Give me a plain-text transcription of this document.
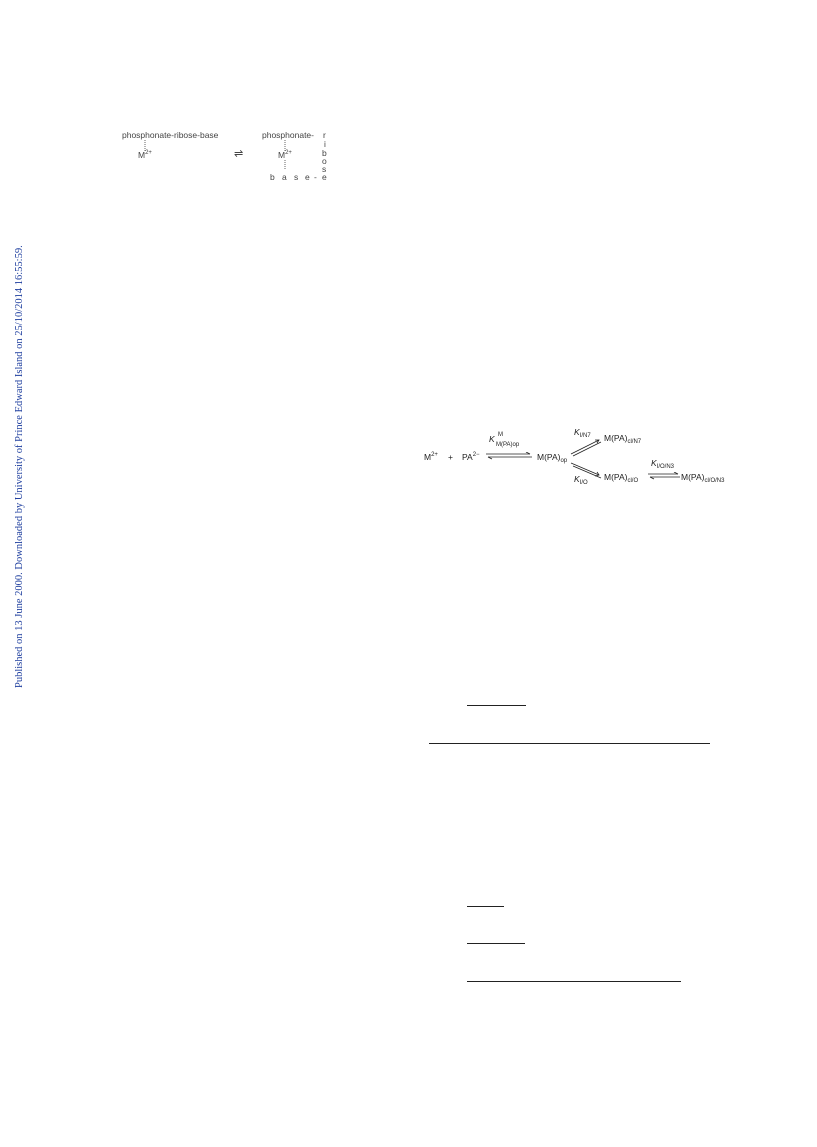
Published on 13 June 2000. Downloaded by University of Prince Edward Island on 25/10/2014 16:55:59.
phosphonate-ribose-base
$M^{2+}$	⇌
phosphonate-
$M^{2+}$
r
i
b
o
s
e
b a s e -
$M^{2+} + PA^{2-}$
K M
M(PA)op
$M(PA)_{op}$
$K_{I/N7}$ $M(PA)_{cl/N7}$
$K_{I/O}$
$M(PA)_{cl/O}$
$K_{I/O/N3}$
$M(PA)_{cl/O/N3}$
